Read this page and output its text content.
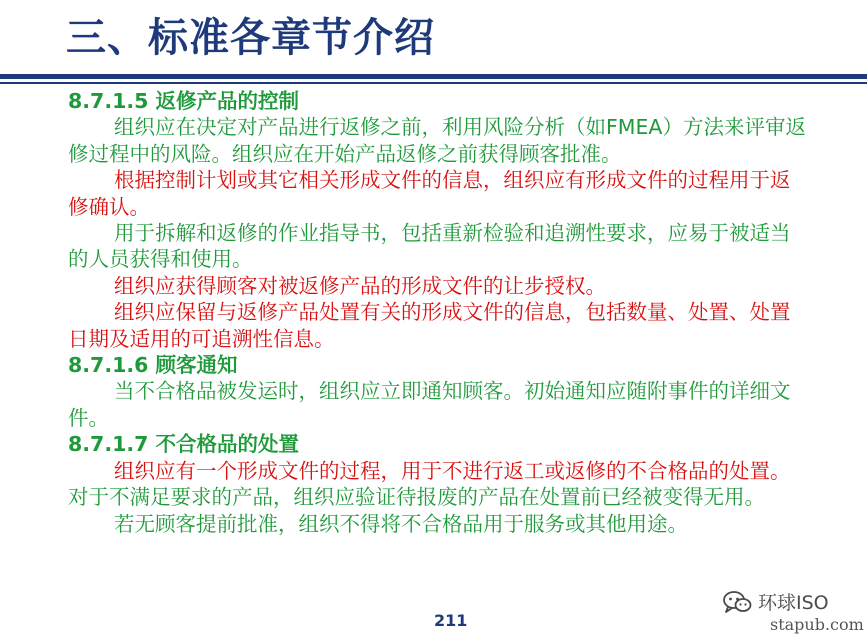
三、标准各章节介绍
8.7.1.5 返修产品的控制
组织应在决定对产品进行返修之前，利用风险分析（如FMEA）方法来评审返修过程中的风险。组织应在开始产品返修之前获得顾客批准。
根据控制计划或其它相关形成文件的信息，组织应有形成文件的过程用于返修确认。
用于拆解和返修的作业指导书，包括重新检验和追溯性要求，应易于被适当的人员获得和使用。
组织应获得顾客对被返修产品的形成文件的让步授权。
组织应保留与返修产品处置有关的形成文件的信息，包括数量、处置、处置日期及适用的可追溯性信息。
8.7.1.6 顾客通知
当不合格品被发运时，组织应立即通知顾客。初始通知应随附事件的详细文件。
8.7.1.7 不合格品的处置
组织应有一个形成文件的过程，用于不进行返工或返修的不合格品的处置。对于不满足要求的产品，组织应验证待报废的产品在处置前已经被变得无用。
若无顾客提前批准，组织不得将不合格品用于服务或其他用途。
211
环球ISO
stapub.com
